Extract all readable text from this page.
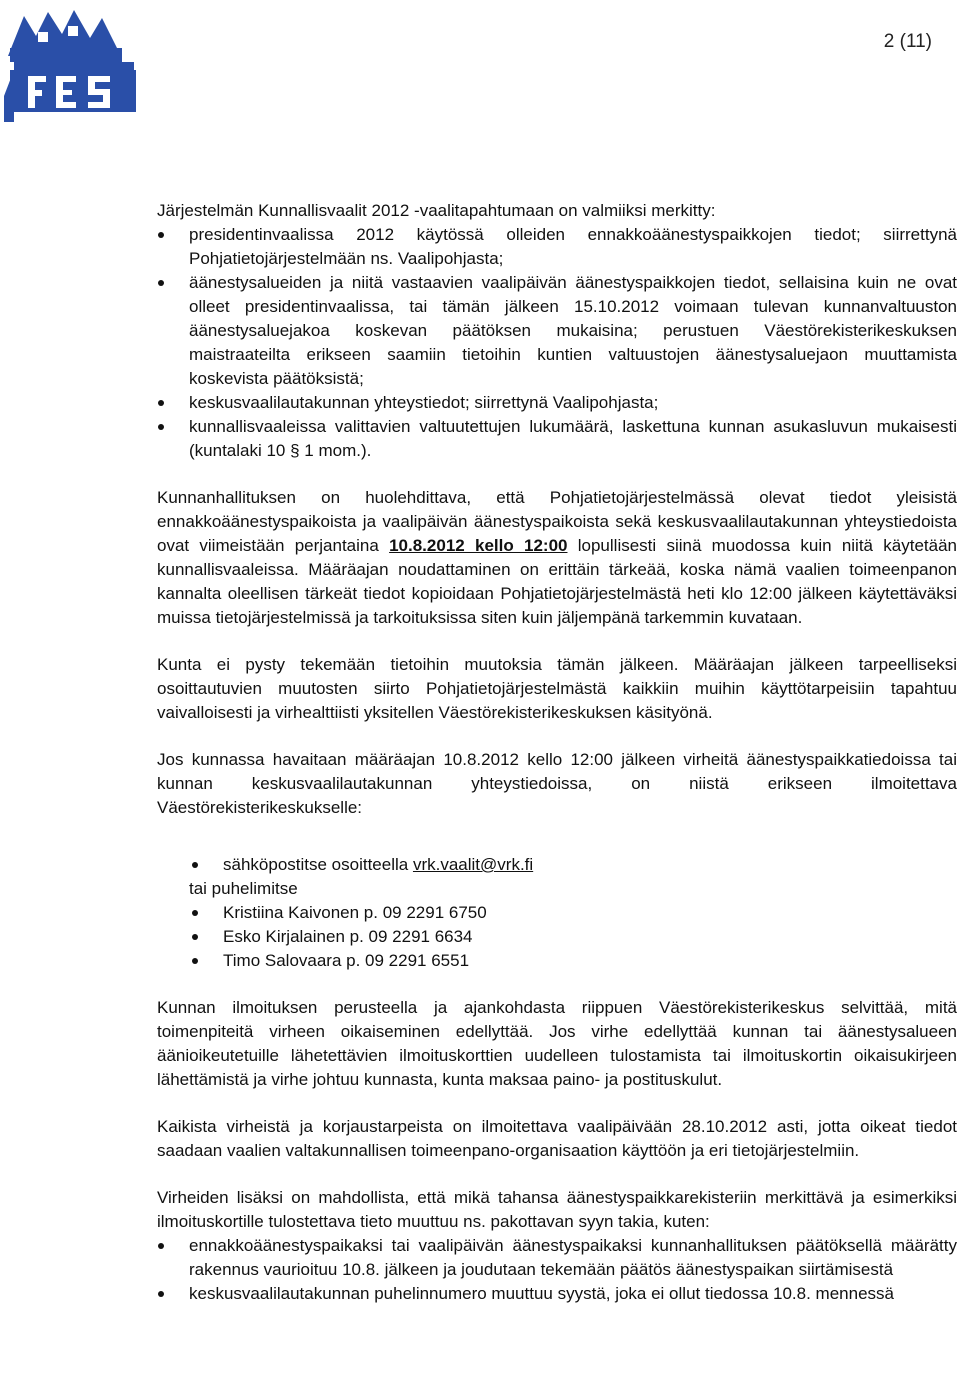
2 (11)

Järjestelmän Kunnallisvaalit 2012 -vaalitapahtumaan on valmiiksi merkitty:

presidentinvaalissa 2012 käytössä olleiden ennakkoäänestyspaikkojen tiedot; siirrettynä Pohjatietojärjestelmään ns. Vaalipohjasta;
äänestysalueiden ja niitä vastaavien vaalipäivän äänestyspaikkojen tiedot, sellaisina kuin ne ovat olleet presidentinvaalissa, tai tämän jälkeen 15.10.2012 voimaan tulevan kunnanvaltuuston äänestysaluejakoa koskevan päätöksen mukaisina; perustuen Väestörekisterikeskuksen maistraateilta erikseen saamiin tietoihin kuntien valtuustojen äänestysaluejaon muuttamista koskevista päätöksistä;
keskusvaalilautakunnan yhteystiedot; siirrettynä Vaalipohjasta;
kunnallisvaaleissa valittavien valtuutettujen lukumäärä, laskettuna kunnan asukasluvun mukaisesti (kuntalaki 10 § 1 mom.).

Kunnanhallituksen on huolehdittava, että Pohjatietojärjestelmässä olevat tiedot yleisistä ennakkoäänestyspaikoista ja vaalipäivän äänestyspaikoista sekä keskusvaalilautakunnan yhteystiedoista ovat viimeistään perjantaina 10.8.2012 kello 12:00 lopullisesti siinä muodossa kuin niitä käytetään kunnallisvaaleissa. Määräajan noudattaminen on erittäin tärkeää, koska nämä vaalien toimeenpanon kannalta oleellisen tärkeät tiedot kopioidaan Pohjatietojärjestelmästä heti klo 12:00 jälkeen käytettäväksi muissa tietojärjestelmissä ja tarkoituksissa siten kuin jäljempänä tarkemmin kuvataan.

Kunta ei pysty tekemään tietoihin muutoksia tämän jälkeen. Määräajan jälkeen tarpeelliseksi osoittautuvien muutosten siirto Pohjatietojärjestelmästä kaikkiin muihin käyttötarpeisiin tapahtuu vaivalloisesti ja virhealttiisti yksitellen Väestörekisterikeskuksen käsityönä.

Jos kunnassa havaitaan määräajan 10.8.2012 kello 12:00 jälkeen virheitä äänestyspaikkatiedoissa tai kunnan keskusvaalilautakunnan yhteystiedoissa, on niistä erikseen ilmoitettava Väestörekisterikeskukselle:

sähköpostitse osoitteella vrk.vaalit@vrk.fi
tai puhelimitse
Kristiina Kaivonen p. 09 2291 6750
Esko Kirjalainen p. 09 2291 6634
Timo Salovaara p. 09 2291 6551

Kunnan ilmoituksen perusteella ja ajankohdasta riippuen Väestörekisterikeskus selvittää, mitä toimenpiteitä virheen oikaiseminen edellyttää. Jos virhe edellyttää kunnan tai äänestysalueen äänioikeutetuille lähetettävien ilmoituskorttien uudelleen tulostamista tai ilmoituskortin oikaisukirjeen lähettämistä ja virhe johtuu kunnasta, kunta maksaa paino- ja postituskulut.

Kaikista virheistä ja korjaustarpeista on ilmoitettava vaalipäivään 28.10.2012 asti, jotta oikeat tiedot saadaan vaalien valtakunnallisen toimeenpano-organisaation käyttöön ja eri tietojärjestelmiin.

Virheiden lisäksi on mahdollista, että mikä tahansa äänestyspaikkarekisteriin merkittävä ja esimerkiksi ilmoituskortille tulostettava tieto muuttuu ns. pakottavan syyn takia, kuten:

ennakkoäänestyspaikaksi tai vaalipäivän äänestyspaikaksi kunnanhallituksen päätöksellä määrätty rakennus vaurioituu 10.8. jälkeen ja joudutaan tekemään päätös äänestyspaikan siirtämisestä
keskusvaalilautakunnan puhelinnumero muuttuu syystä, joka ei ollut tiedossa 10.8. mennessä
